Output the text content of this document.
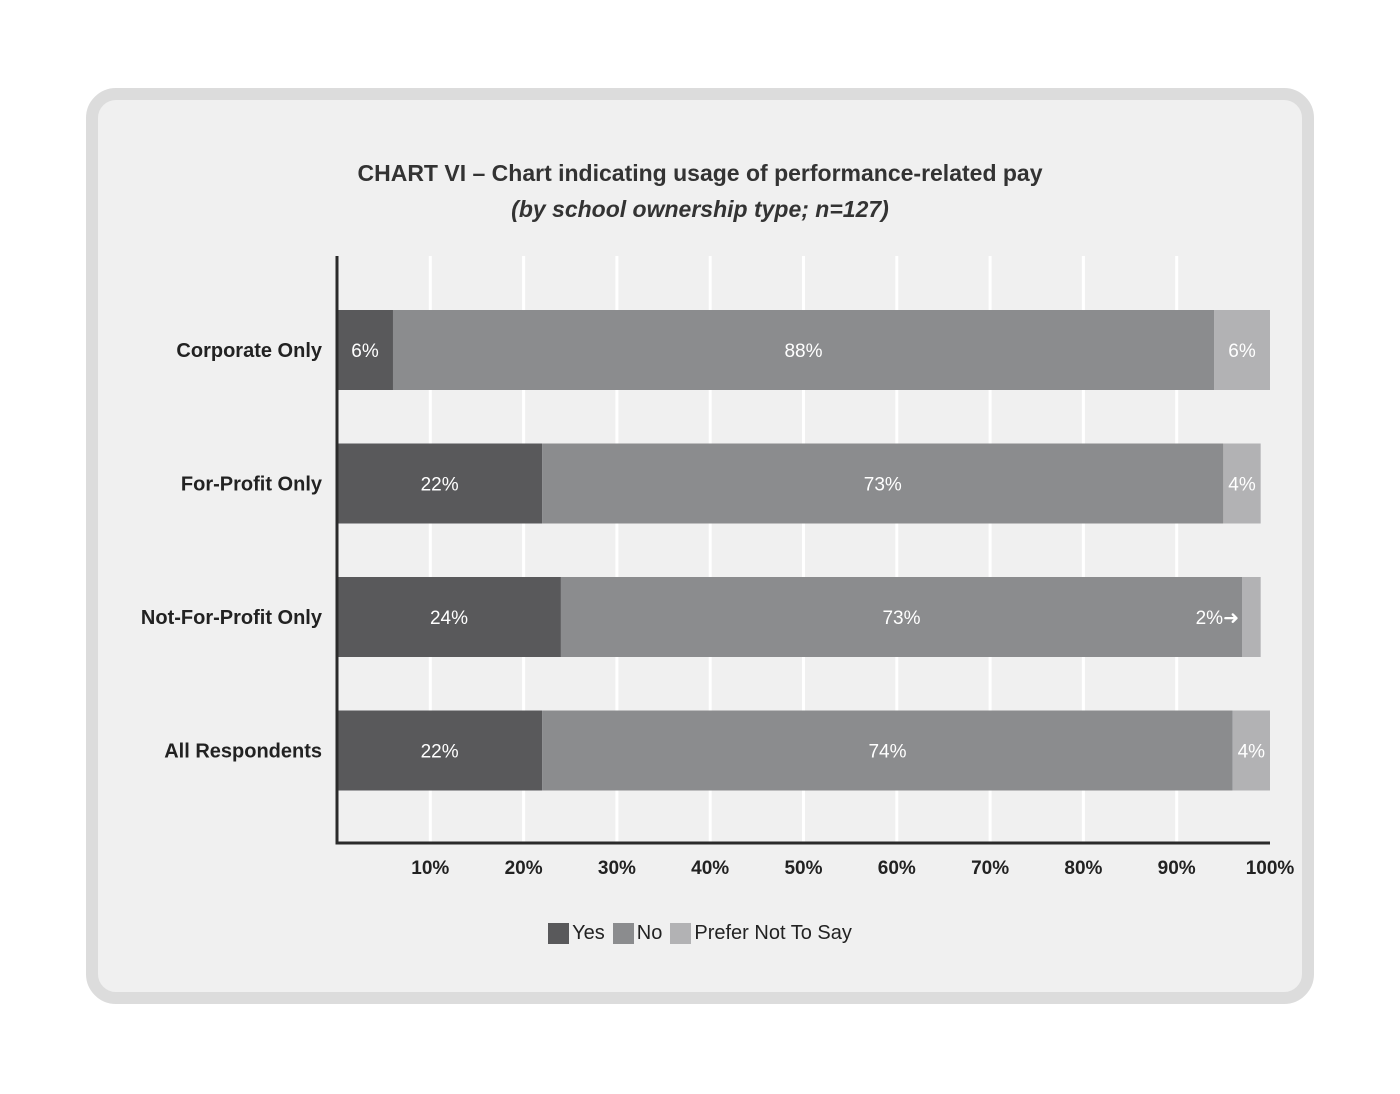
CHART VI – Chart indicating usage of performance-related pay
(by school ownership type; n=127)
6%	88%	6%
22%	73%	4%
24%	73%	2%➜
22%	74%	4%
Corporate Only
For-Profit Only
Not-For-Profit Only
All Respondents
10%	20%	30%	40%	50%	60%	70%	80%	90%	100%
Yes No Prefer Not To Say
